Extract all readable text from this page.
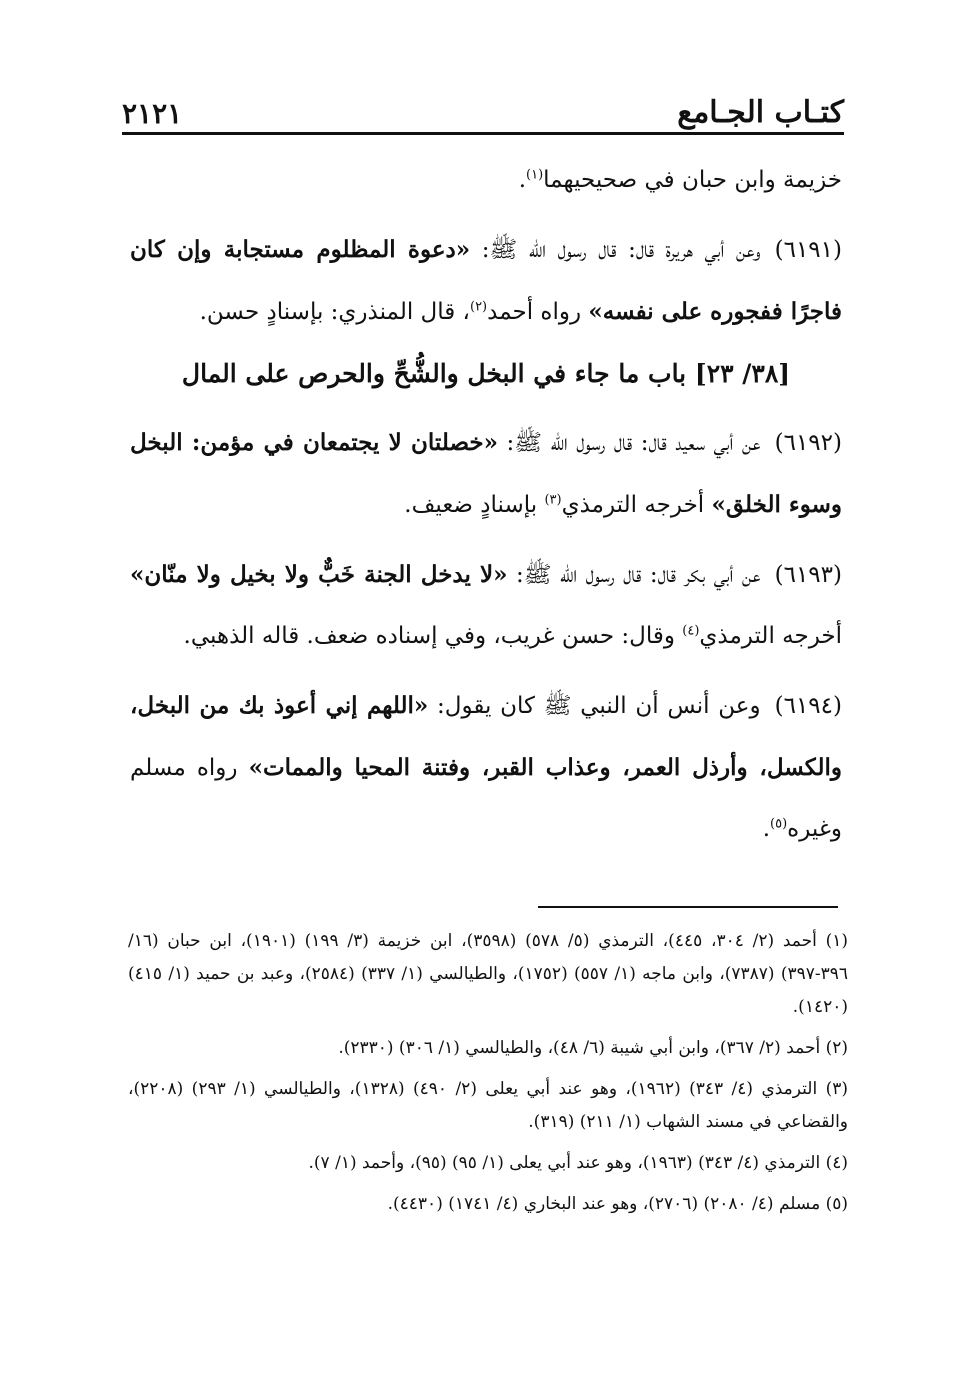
كتـاب الجـامع
٢١٢١

خزيمة وابن حبان في صحيحيهما$^{(١)}$.

(٦١٩١)وعن أبي هريرة قال: قال رسول الله ﷺ: «دعوة المظلوم مستجابة وإن كان فاجرًا ففجوره على نفسه» رواه أحمد$^{(٢)}$، قال المنذري: بإسنادٍ حسن.

[٣٨/ ٢٣] باب ما جاء في البخل والشُّحِّ والحرص على المال

(٦١٩٢)عن أبي سعيد قال: قال رسول الله ﷺ: «خصلتان لا يجتمعان في مؤمن: البخل وسوء الخلق» أخرجه الترمذي$^{(٣)}$ بإسنادٍ ضعيف.

(٦١٩٣)عن أبي بكر قال: قال رسول الله ﷺ: «لا يدخل الجنة خَبٌّ ولا بخيل ولا منّان» أخرجه الترمذي$^{(٤)}$ وقال: حسن غريب، وفي إسناده ضعف. قاله الذهبي.

(٦١٩٤)وعن أنس أن النبي ﷺ كان يقول: «اللهم إني أعوذ بك من البخل، والكسل، وأرذل العمر، وعذاب القبر، وفتنة المحيا والممات» رواه مسلم وغيره$^{(٥)}$.

(١) أحمد (٢/ ٣٠٤، ٤٤٥)، الترمذي (٥/ ٥٧٨) (٣٥٩٨)، ابن خزيمة (٣/ ١٩٩) (١٩٠١)، ابن حبان (١٦/ ٣٩٦-٣٩٧) (٧٣٨٧)، وابن ماجه (١/ ٥٥٧) (١٧٥٢)، والطيالسي (١/ ٣٣٧) (٢٥٨٤)، وعبد بن حميد (١/ ٤١٥) (١٤٢٠).

(٢) أحمد (٢/ ٣٦٧)، وابن أبي شيبة (٦/ ٤٨)، والطيالسي (١/ ٣٠٦) (٢٣٣٠).

(٣) الترمذي (٤/ ٣٤٣) (١٩٦٢)، وهو عند أبي يعلى (٢/ ٤٩٠) (١٣٢٨)، والطيالسي (١/ ٢٩٣) (٢٢٠٨)، والقضاعي في مسند الشهاب (١/ ٢١١) (٣١٩).

(٤) الترمذي (٤/ ٣٤٣) (١٩٦٣)، وهو عند أبي يعلى (١/ ٩٥) (٩٥)، وأحمد (١/ ٧).

(٥) مسلم (٤/ ٢٠٨٠) (٢٧٠٦)، وهو عند البخاري (٤/ ١٧٤١) (٤٤٣٠).
